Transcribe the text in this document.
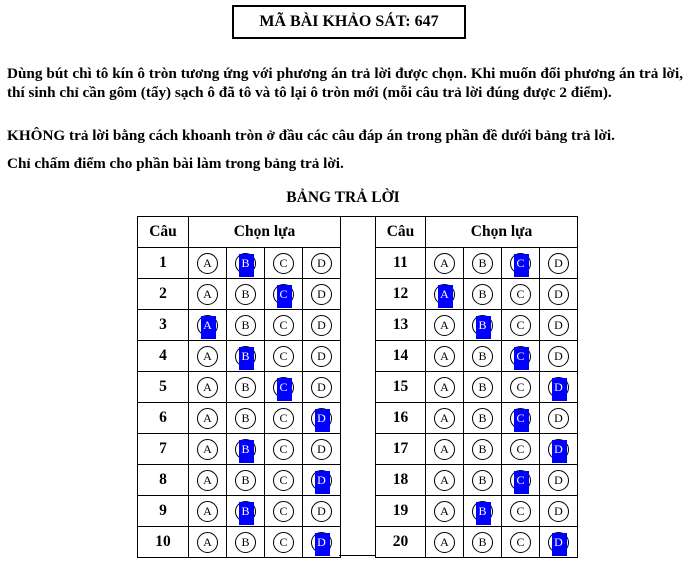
MÃ BÀI KHẢO SÁT: 647
Dùng bút chì tô kín ô tròn tương ứng với phương án trả lời được chọn. Khi muốn đổi phương án trả lời, thí sinh chỉ cần gôm (tẩy) sạch ô đã tô và tô lại ô tròn mới (mỗi câu trả lời đúng được 2 điểm).
KHÔNG trả lời bằng cách khoanh tròn ở đầu các câu đáp án trong phần đề dưới bảng trả lời.
Chỉ chấm điểm cho phần bài làm trong bảng trả lời.
BẢNG TRẢ LỜI
Câu	Chọn lựa			
1	A	B	C	D
2	A	B	C	D
3	A	B	C	D
4	A	B	C	D
5	A	B	C	D
6	A	B	C	D
7	A	B	C	D
8	A	B	C	D
9	A	B	C	D
10	A	B	C	D
Câu	Chọn lựa			
11	A	B	C	D
12	A	B	C	D
13	A	B	C	D
14	A	B	C	D
15	A	B	C	D
16	A	B	C	D
17	A	B	C	D
18	A	B	C	D
19	A	B	C	D
20	A	B	C	D
